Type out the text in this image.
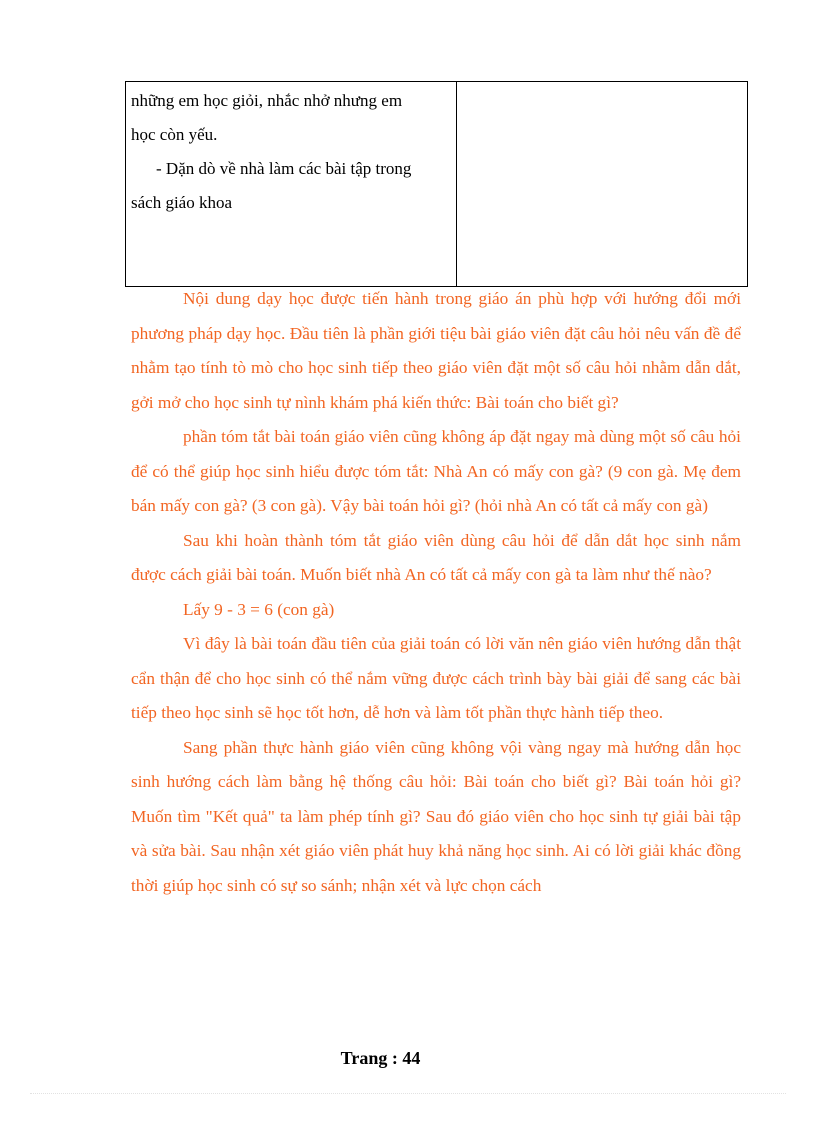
những em học giỏi, nhắc nhở nhưng em
học còn yếu.
- Dặn dò về nhà làm các bài tập trong
sách giáo khoa

Nội dung dạy học được tiến hành trong giáo án phù hợp với hướng đổi mới phương pháp dạy học. Đầu tiên là phần giới tiệu bài giáo viên đặt câu hỏi nêu vấn đề để nhằm tạo tính tò mò cho học sinh tiếp theo giáo viên đặt một số câu hỏi nhằm dẫn dắt, gởi mở cho học sinh tự nình khám phá kiến thức: Bài toán cho biết gì?

phần tóm tắt bài toán giáo viên cũng không áp đặt ngay mà dùng một số câu hỏi để có thể giúp học sinh hiểu được tóm tắt: Nhà An có mấy con gà? (9 con gà. Mẹ đem bán mấy con gà? (3 con gà). Vậy bài toán hỏi gì? (hỏi nhà An có tất cả mấy con gà)

Sau khi hoàn thành tóm tắt giáo viên dùng câu hỏi để dẫn dắt học sinh nắm được cách giải bài toán. Muốn biết nhà An có tất cả mấy con gà ta làm như thế nào?

Lấy 9 - 3 = 6 (con gà)

Vì đây là bài toán đầu tiên của giải toán có lời văn nên giáo viên hướng dẫn thật cẩn thận để cho học sinh có thể nắm vững được cách trình bày bài giải để sang các bài tiếp theo học sinh sẽ học tốt hơn, dễ hơn và làm tốt phần thực hành tiếp theo.

Sang phần thực hành giáo viên cũng không vội vàng ngay mà hướng dẫn học sinh hướng cách làm bằng hệ thống câu hỏi: Bài toán cho biết gì? Bài toán hỏi gì? Muốn tìm "Kết quả" ta làm phép tính gì? Sau đó giáo viên cho học sinh tự giải bài tập và sửa bài. Sau nhận xét giáo viên phát huy khả năng học sinh. Ai có lời giải khác đồng thời giúp học sinh có sự so sánh; nhận xét và lực chọn cách

Trang : 44
